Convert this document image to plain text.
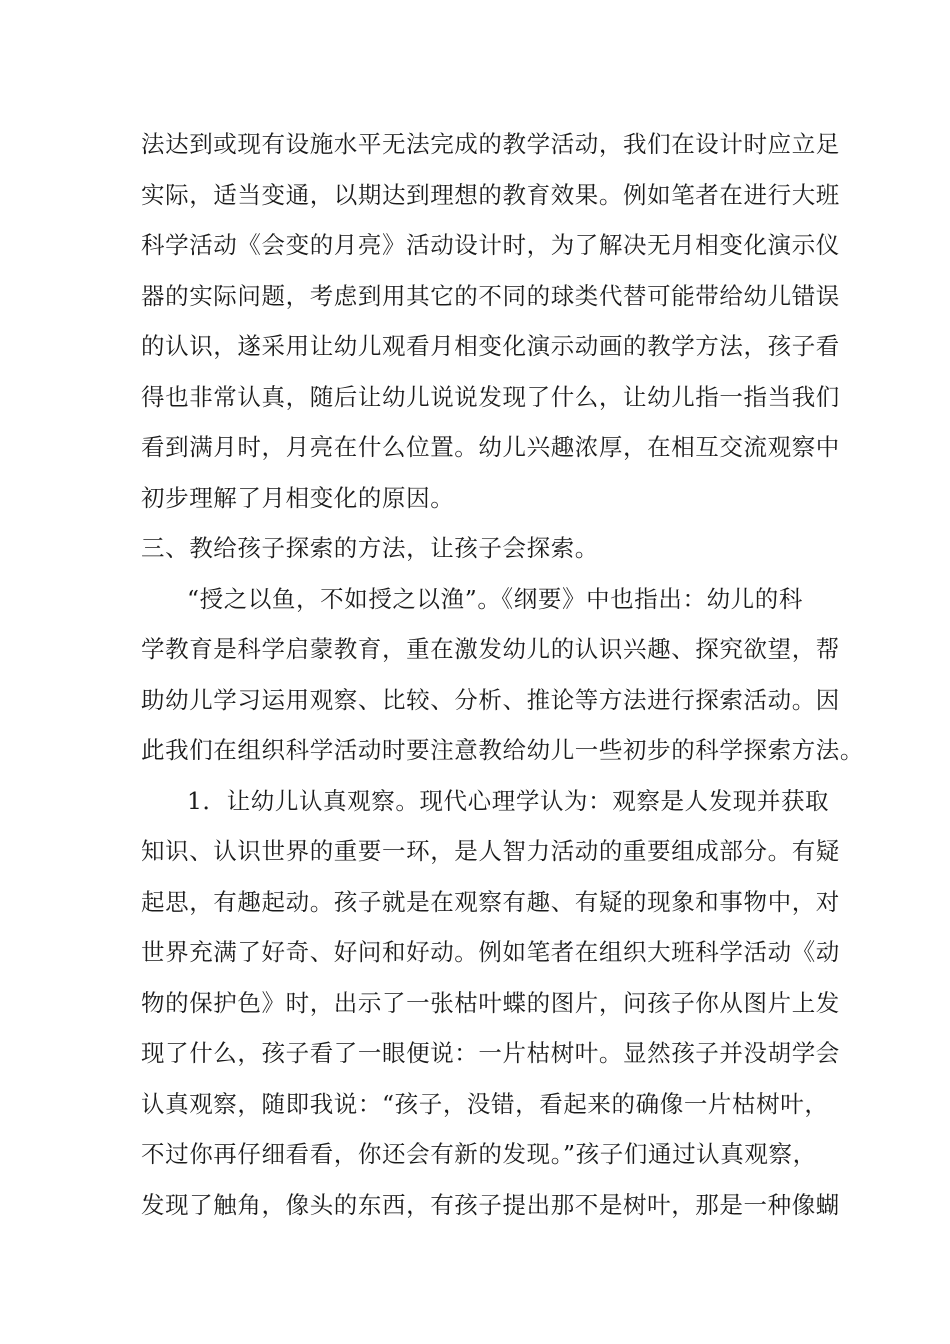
法达到或现有设施水平无法完成的教学活动，我们在设计时应立足
实际，适当变通，以期达到理想的教育效果。例如笔者在进行大班
科学活动《会变的月亮》活动设计时，为了解决无月相变化演示仪
器的实际问题，考虑到用其它的不同的球类代替可能带给幼儿错误
的认识，遂采用让幼儿观看月相变化演示动画的教学方法，孩子看
得也非常认真，随后让幼儿说说发现了什么，让幼儿指一指当我们
看到满月时，月亮在什么位置。幼儿兴趣浓厚，在相互交流观察中
初步理解了月相变化的原因。
三、教给孩子探索的方法，让孩子会探索。
“授之以鱼，不如授之以渔”。《纲要》中也指出：幼儿的科
学教育是科学启蒙教育，重在激发幼儿的认识兴趣、探究欲望，帮
助幼儿学习运用观察、比较、分析、推论等方法进行探索活动。因
此我们在组织科学活动时要注意教给幼儿一些初步的科学探索方法。
1．让幼儿认真观察。现代心理学认为：观察是人发现并获取
知识、认识世界的重要一环，是人智力活动的重要组成部分。有疑
起思，有趣起动。孩子就是在观察有趣、有疑的现象和事物中，对
世界充满了好奇、好问和好动。例如笔者在组织大班科学活动《动
物的保护色》时，出示了一张枯叶蝶的图片，问孩子你从图片上发
现了什么，孩子看了一眼便说：一片枯树叶。显然孩子并没胡学会
认真观察，随即我说：“孩子，没错，看起来的确像一片枯树叶，
不过你再仔细看看，你还会有新的发现。”孩子们通过认真观察，
发现了触角，像头的东西，有孩子提出那不是树叶，那是一种像蝴
